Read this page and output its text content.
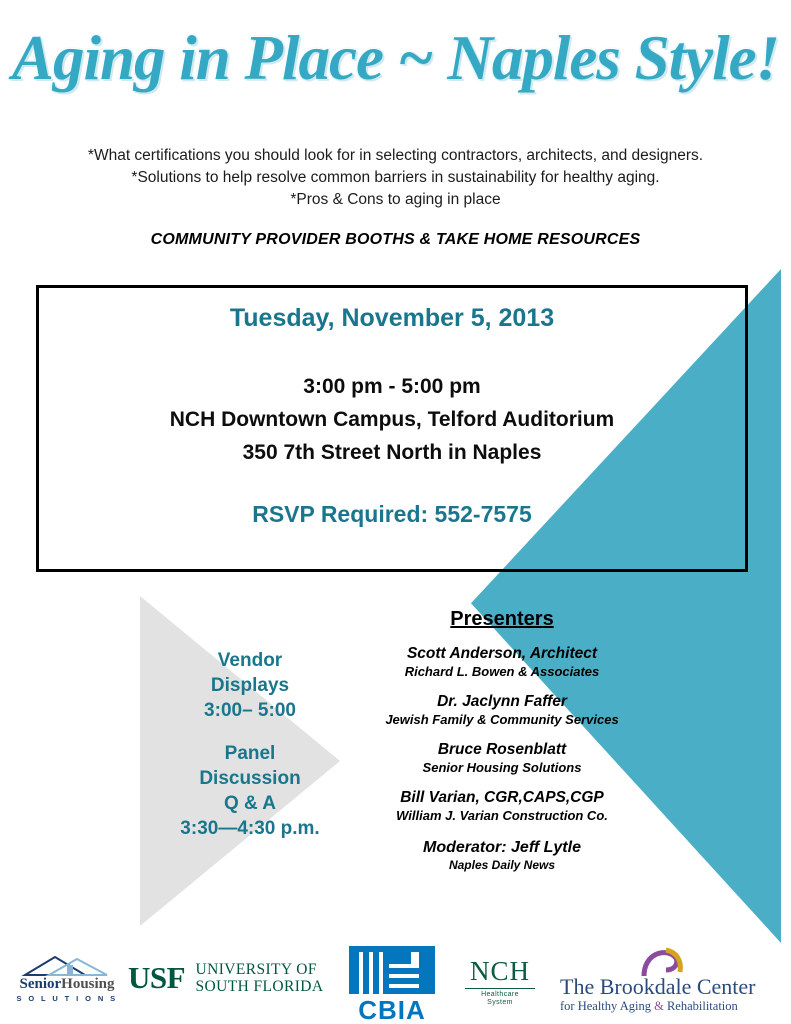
Aging in Place ~ Naples Style!
*What certifications you should look for in selecting contractors, architects, and designers.
*Solutions to help resolve common barriers in sustainability for healthy aging.
*Pros & Cons to aging in place
COMMUNITY PROVIDER BOOTHS & TAKE HOME RESOURCES
Tuesday, November 5, 2013
3:00 pm - 5:00 pm
NCH Downtown Campus, Telford Auditorium
350 7th Street North in Naples
RSVP Required: 552-7575
Vendor
Displays
3:00– 5:00
Panel
Discussion
Q & A
3:30—4:30 p.m.
Presenters
Scott Anderson, Architect
Richard L. Bowen & Associates
Dr. Jaclynn Faffer
Jewish Family & Community Services
Bruce Rosenblatt
Senior Housing Solutions
Bill Varian, CGR,CAPS,CGP
William J. Varian Construction Co.
Moderator: Jeff Lytle
Naples Daily News
SeniorHousing
S O L U T I O N S
USF UNIVERSITY OF
SOUTH FLORIDA
CBIA
NCH
Healthcare
System
The Brookdale Center
for Healthy Aging & Rehabilitation
